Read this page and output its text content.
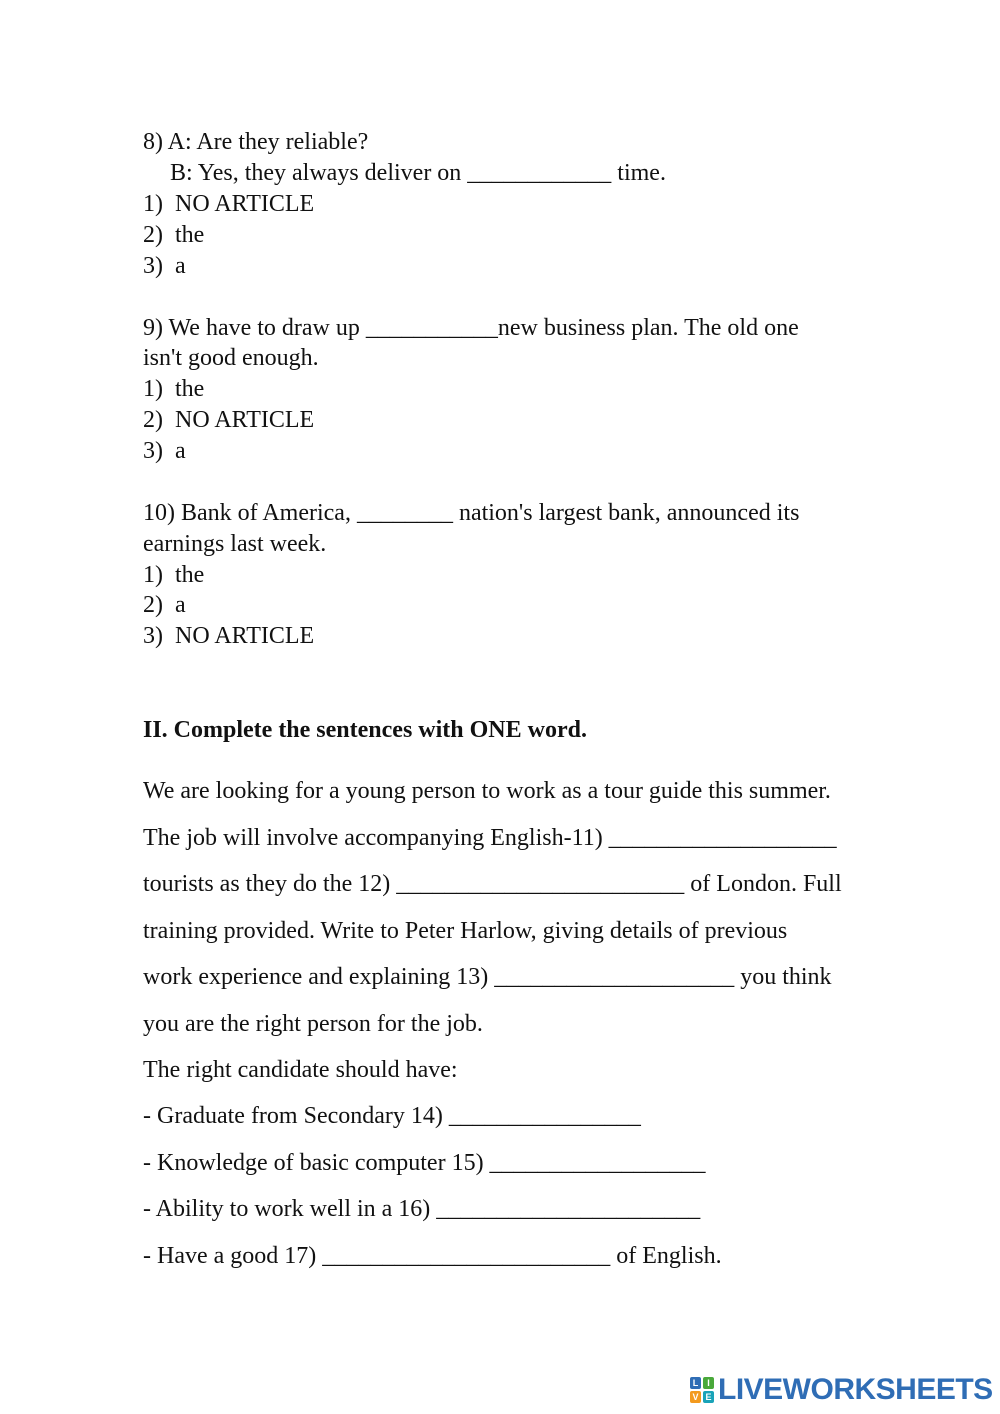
8) A: Are they reliable?
B: Yes, they always deliver on ____________ time.
1)  NO ARTICLE
2)  the
3)  a
9) We have to draw up ___________new business plan. The old one
isn't good enough.
1)  the
2)  NO ARTICLE
3)  a
10) Bank of America, ________ nation's largest bank, announced its
earnings last week.
1)  the
2)  a
3)  NO ARTICLE
II. Complete the sentences with ONE word.
We are looking for a young person to work as a tour guide this summer.
The job will involve accompanying English-11) ___________________
tourists as they do the 12) ________________________ of London. Full
training provided. Write to Peter Harlow, giving details of previous
work experience and explaining 13) ____________________ you think
you are the right person for the job.
The right candidate should have:
- Graduate from Secondary 14) ________________
- Knowledge of basic computer 15) __________________
- Ability to work well in a 16) ______________________
- Have a good 17) ________________________ of English.
L I
V E LIVEWORKSHEETS
